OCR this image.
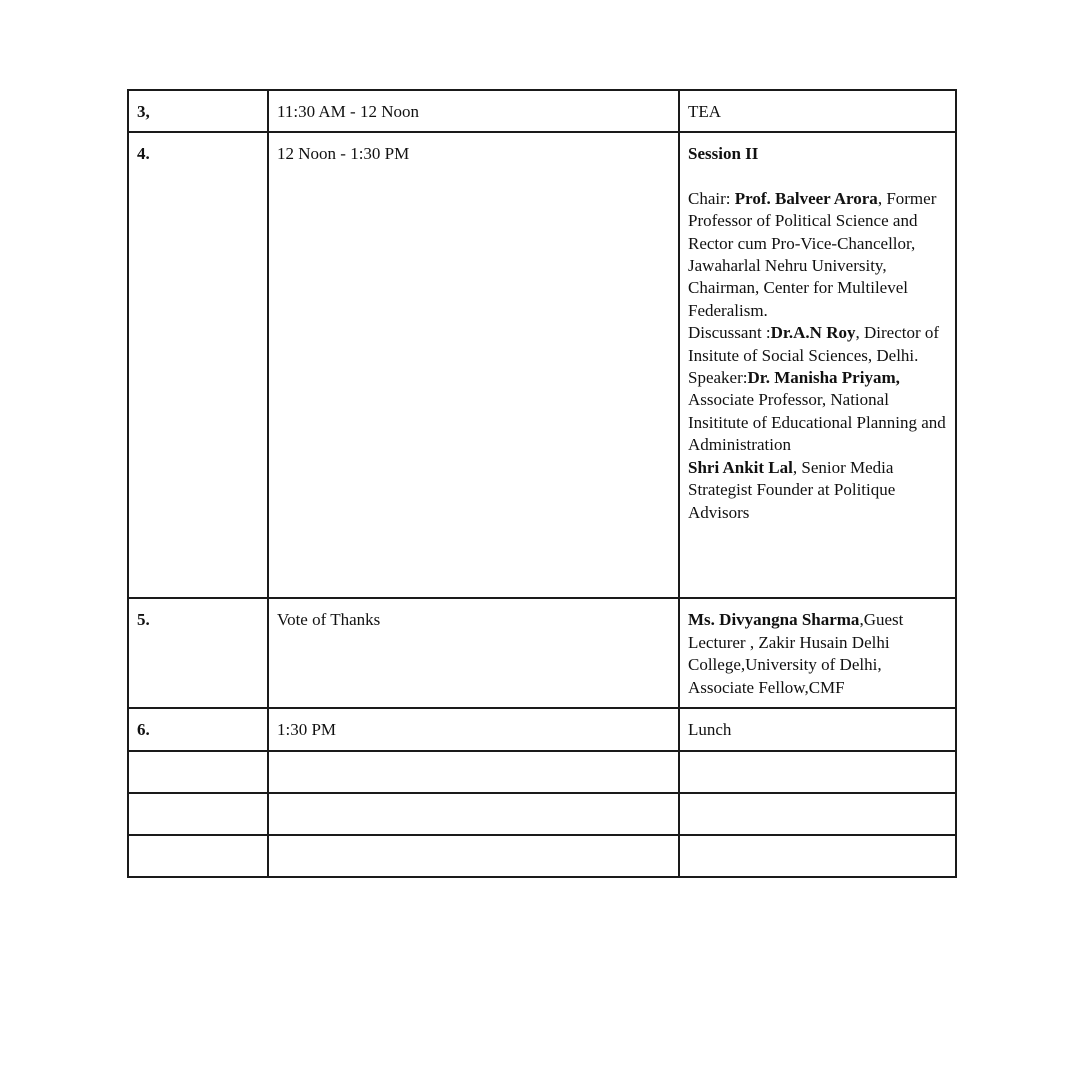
3,	11:30 AM - 12 Noon	TEA
4.	12 Noon - 1:30 PM	Session II
Chair: Prof. Balveer Arora, Former Professor of Political Science and Rector cum Pro-Vice-Chancellor, Jawaharlal Nehru University, Chairman, Center for Multilevel Federalism.
Discussant :Dr.A.N Roy, Director of Insitute of Social Sciences, Delhi.
Speaker:Dr. Manisha Priyam, Associate Professor, National Insititute of Educational Planning and Administration
Shri Ankit Lal, Senior Media Strategist Founder at Politique Advisors
5.	Vote of Thanks	Ms. Divyangna Sharma,Guest Lecturer , Zakir Husain Delhi College,University of Delhi, Associate Fellow,CMF
6.	1:30 PM	Lunch
